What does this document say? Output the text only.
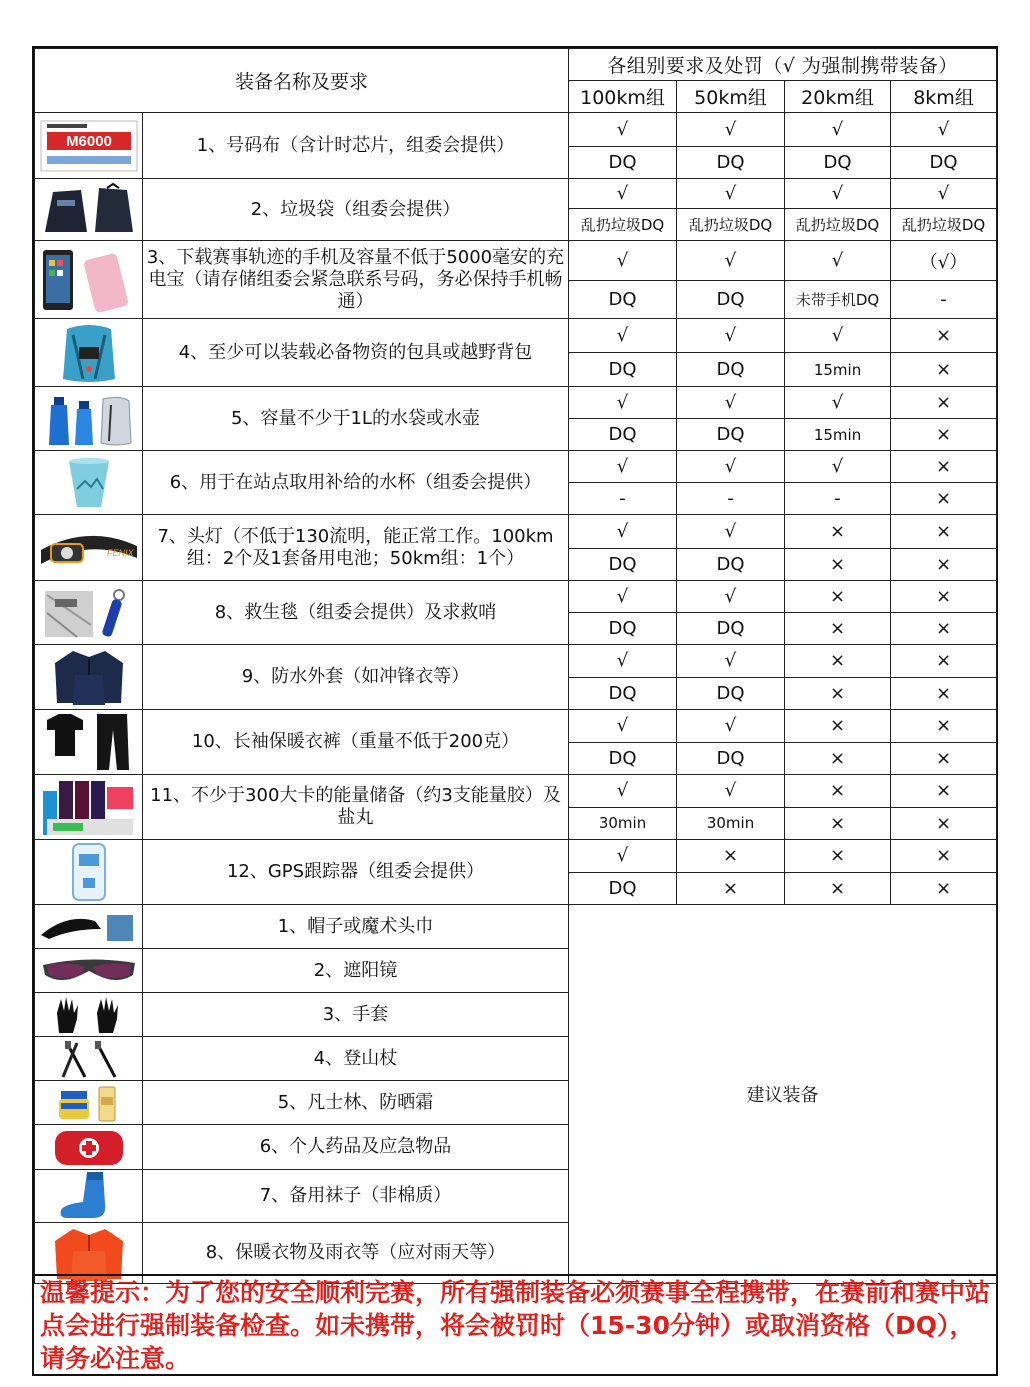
装备名称及要求		各组别要求及处罚（√ 为强制携带装备）			
		100km组	50km组	20km组	8km组

M6000	1、号码布（含计时芯片，组委会提供）	√	√	√	√
		DQ	DQ	DQ	DQ

	2、垃圾袋（组委会提供）	√	√	√	√
		乱扔垃圾DQ	乱扔垃圾DQ	乱扔垃圾DQ	乱扔垃圾DQ

	3、下载赛事轨迹的手机及容量不低于5000毫安的充电宝（请存储组委会紧急联系号码，务必保持手机畅通）	√	√	√	（√）
		DQ	DQ	未带手机DQ	-

	4、至少可以装载必备物资的包具或越野背包	√	√	√	×
		DQ	DQ	15min	×

	5、容量不少于1L的水袋或水壶	√	√	√	×
		DQ	DQ	15min	×

	6、用于在站点取用补给的水杯（组委会提供）	√	√	√	×
		-	-	-	×

FENIX	7、头灯（不低于130流明，能正常工作。100km组：2个及1套备用电池；50km组：1个）	√	√	×	×
		DQ	DQ	×	×

	8、救生毯（组委会提供）及求救哨	√	√	×	×
		DQ	DQ	×	×

	9、防水外套（如冲锋衣等）	√	√	×	×
		DQ	DQ	×	×

	10、长袖保暖衣裤（重量不低于200克）	√	√	×	×
		DQ	DQ	×	×

	11、不少于300大卡的能量储备（约3支能量胶）及盐丸	√	√	×	×
		30min	30min	×	×

	12、GPS跟踪器（组委会提供）	√	×	×	×
		DQ	×	×	×

	1、帽子或魔术头巾	建议装备			

	2、遮阳镜				

	3、手套				

	4、登山杖				

	5、凡士林、防晒霜				

	6、个人药品及应急物品				

	7、备用袜子（非棉质）				

	8、保暖衣物及雨衣等（应对雨天等）				
温馨提示：为了您的安全顺利完赛，所有强制装备必须赛事全程携带，在赛前和赛中站点会进行强制装备检查。如未携带，将会被罚时（15-30分钟）或取消资格（DQ），请务必注意。
